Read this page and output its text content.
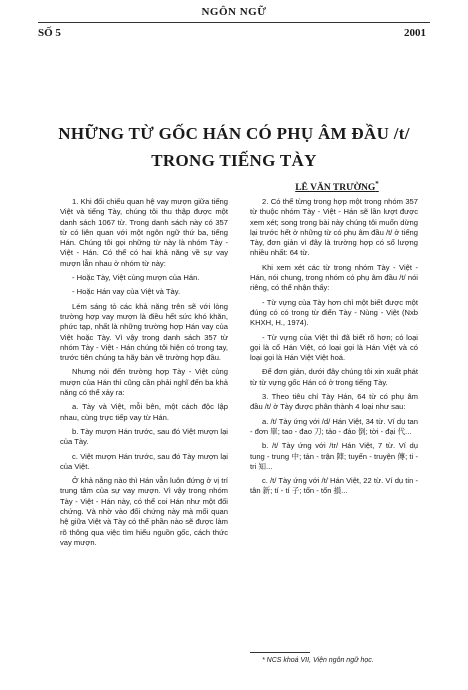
NGÔN NGỮ
SỐ 5	2001
NHỮNG TỪ GỐC HÁN CÓ PHỤ ÂM ĐẦU /t/
TRONG TIẾNG TÀY
LÊ VĂN TRƯỜNG*

1. Khi đối chiếu quan hệ vay mượn giữa tiếng Việt và tiếng Tày, chúng tôi thu thập được một danh sách 1067 từ. Trong danh sách này có 357 từ có liên quan với một ngôn ngữ thứ ba, tiếng Hán. Chúng tôi gọi những từ này là nhóm Tày - Việt - Hán. Có thể có hai khả năng về sự vay mượn lẫn nhau ở nhóm từ này:

- Hoặc Tày, Việt cùng mượn của Hán.

- Hoặc Hán vay của Việt và Tày.

Lém sáng tỏ các khả năng trên sẽ với lòng trường hợp vay mượn là điều hết sức khó khăn, phức tạp, nhất là những trường hợp Hán vay của Việt hoặc Tày. Vì vậy trong danh sách 357 từ nhóm Tày - Việt - Hán chúng tôi hiện có trong tay, trước tiên chúng ta hãy bàn về trường hợp đầu.

Nhưng nói đến trường hợp Tày - Việt cùng mượn của Hán thì cũng cần phải nghĩ đến ba khả năng có thể xảy ra:

a. Tày và Việt, mỗi bên, một cách độc lập nhau, cùng trực tiếp vay từ Hán.

b. Tày mượn Hán trước, sau đó Việt mượn lại của Tày.

c. Việt mượn Hán trước, sau đó Tày mượn lại của Việt.

Ở khả năng nào thì Hán vẫn luôn đứng ở vị trí trung tâm của sự vay mượn. Vì vậy trong nhóm Tày - Việt - Hán này, có thể coi Hán như một đối chứng. Và nhờ vào đối chứng này mà mối quan hệ giữa Việt và Tày có thể phần nào sẽ được làm rõ thông qua việc tìm hiểu nguồn gốc, cách thức vay mượn.

2. Có thể từng trong hợp một trong nhóm 357 từ thuộc nhóm Tày - Việt - Hán sẽ lần lượt được xem xét; song trong bài này chúng tôi muốn dừng lại trước hết ở những từ có phụ âm đầu /t/ ở tiếng Tày, đơn giản vì đây là trường hợp có số lượng nhiều nhất: 64 từ.

Khi xem xét các từ trong nhóm Tày - Việt - Hán, nói chung, trong nhóm có phụ âm đầu /t/ nói riêng, có thể nhận thấy:

- Từ vựng của Tày hơn chỉ một biết được một đúng có có trong từ điển Tày - Nùng - Việt (Nxb KHXH, H., 1974).

- Từ vựng của Việt thì đã biết rõ hơn; có loại gọi là cổ Hán Việt, có loại gọi là Hán Việt và có loại gọi là Hán Việt Việt hoá.

Để đơn giản, dưới đây chúng tôi xin xuất phát từ từ vựng gốc Hán có ở trong tiếng Tày.

3. Theo tiêu chí Tày Hán, 64 từ có phụ âm đầu /t/ ở Tày được phân thành 4 loại như sau:

a. /t/ Tày ứng với /d/ Hán Việt, 34 từ. Ví dụ tan - đơn 單; tao - đao 刀; tảo - đảo 倒; tời - đại 代...

b. /t/ Tày ứng với /tr/ Hán Việt, 7 từ. Ví dụ tung - trung 中; tản - trận 陣; tuyến - truyện 傳; ti - tri 知...

c. /t/ Tày ứng với /t/ Hán Việt, 22 từ. Ví dụ tin - tân 新; tí - tí 子; tốn - tổn 損...

* NCS khoá VII, Viện ngôn ngữ học.
